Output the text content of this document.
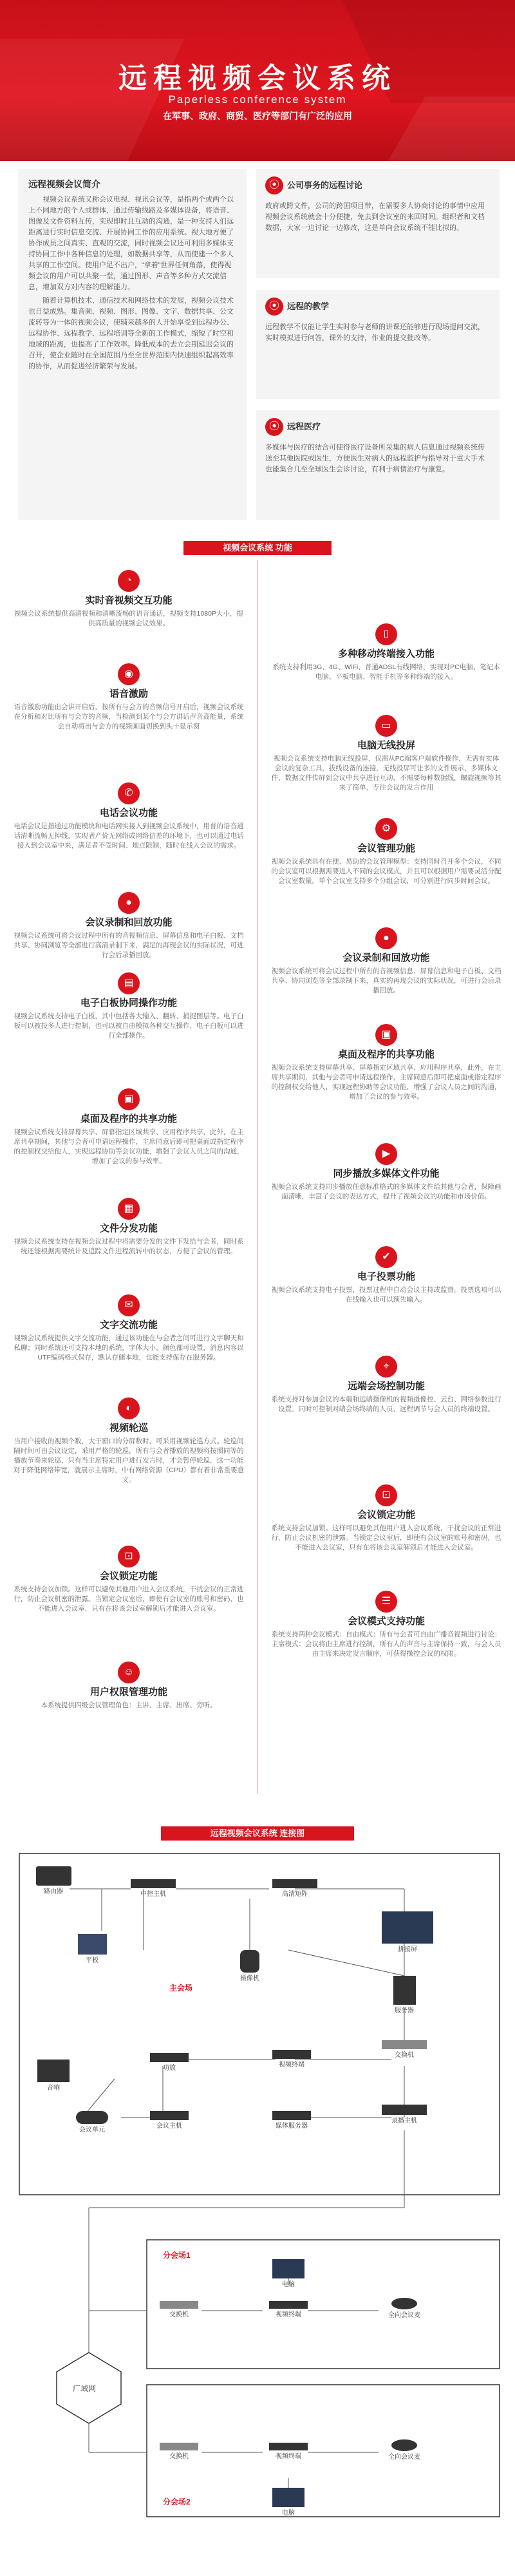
远程视频会议系统
Paperless conference system
在军事、政府、商贸、医疗等部门有广泛的应用
远程视频会议简介

视频会议系统又称会议电视、视讯会议等，是指两个或两个以上不同地方的个人或群体，通过传输线路及多媒体设备，将语音、图像及文件资料互传，实现即时且互动的沟通，是一种支持人们远距离进行实时信息交流、开展协同工作的应用系统。视大地方便了协作成员之间真实、直观的交流，同时视频会议还可利用多媒体支持协同工作中各种信息的处理，如数据共享等，从而使建一个多人共享的工作空间。使用户足不出户，“拿着”世界任何角落，使得视频会议的用户可以共聚一堂，通过图形、声音等多种方式交流信息，增加双方对内容的理解能力。

随着计算机技术、通信技术和网络技术的发展，视频会议技术也日益成熟。集音频、视频、图形、图像、文字、数据共享、公文流转等为一体的视频会议，使辅来越多的人开始享受到远程办公、远程协作、远程教学、远程培训等全新的工作模式，缩短了时空和地域的距离，也提高了工作效率。降低成本的去立会期延迟会议的召开，使企业随时在全国范围乃至全世界范围内快速组织起高效率的协作，从而促进经济繁荣与发展。

⦿ 公司事务的远程讨论

政府或跨文件，公司的跨国项目带，在需要多人协商讨论的事情中应用视频会议系统就会十分便捷，免去到会议室的来回时间。组织者和文档数据，大家一边讨论一边修改，这是单向会议系统不能比拟的。

⦿ 远程的教学

远程教学不仅能让学生实时参与老师的讲课还能够进行现场提问交流，实时模拟进行问答，课外的支持，作业的提交批改等。

⦿ 远程医疗

多媒体与医疗的结合可使得医疗设备所采集的病人信息通过视频系统传送至其他医院或医生，方便医生对病人的远程监护与指导对于重大手术也能集合几至全球医生会诊讨论，有利于病情治疗与康复。

视频会议系统 功能
◔
实时音视频交互功能

视频会议系统提供高清视频和清晰流畅的语音通话，视频支持1080P大小，提供高质量的视频会议效果。

▯
多种移动终端接入功能

系统支持利用3G、4G、WiFi、普通ADSL有线网络，实现对PC电脑、笔记本电脑、平板电脑、智能手机等多种终端的接入。

◉
语音激励

语音激励功能由会讲开启后，按所有与会方的音频信号开启后，视频会议系统在分析和对比所有与会方的音频，当检测到某个与会方讲话声音高能量，系统会自动将出与会方的视频画面切换到头十显示窗	▭
电脑无线投屏

视频会议系统支持电脑无线投屏，仅需从PC端客户端软件操作，无需有实体会议的复杂工具，拔线设备的连接，无线投屏可让多的文件展示、多媒体文件、数据文件传屏到会议中共享进行互动，不需要每种数据线，螺旋视频等其来了简单，专往会议的发言作用

✆
电话会议功能

电话会议是指通过功能模块和电话网实接入到视频会议系统中，用普的语音通话清晰流畅无掉线，实现者产价无网络或网络信差的环境下，也可以通过电话接入到会议室中来，满足者不受时间、地点限制，随时在线入会议的需求。

⚙
会议管理功能

视频会议系统具有在便、易助的会议管理模型：支持同时召开多个会议，不同的会议室可以根据需要进入不同的会议模式，并且可以根据用户需要灵活分配会议室数量。单个会议室支持多个分组会议，可分别进行同步时间会议。

●
会议录制和回放功能

视频会议系统可将会议过程中所有的音视频信息、屏幕信息和电子白板、文档共享、协同浏览等全部进行高清录制下来，满足的再现会议的实际状况，可进行会后录播回放。

●
会议录制和回放功能

视频会议系统可将会议过程中所有的音视频信息、屏幕信息和电子白板、文档共享、协同浏览等全部录制下来，真实的再现会议的实际状况，可进行会后录播回放。

▤
电子白板协同操作功能

视频会议系统支持电子白板，其中包括各大输入、翻转、捕捉图层等。电子白板可以被投多人进行控制，也可以被自由模拟各种交互操作，电子白板可以进行全部操作。	▣
桌面及程序的共享功能

视频会议系统支持屏幕共享、屏幕指定区域共享、应用程序共享，此外，在主席共享期间，其他与会者可申请远程操作，主席同意后即可把桌面或指定程序的控制权交给他人，实现远程协助等会议功能，增强了会议人员之间的沟通，增加了会议的参与效率。

▣
桌面及程序的共享功能

视频会议系统支持屏幕共享、屏幕指定区域共享、应用程序共享，此外，在主席共享期间，其他与会者可申请远程操作，主席同意后即可把桌面或指定程序的控制权交给他人，实现远程协助等会议功能，增强了会议人员之间的沟通，增加了会议的参与效率。

▶
同步播放多媒体文件功能

视频会议系统支持同步播放任意标准格式的多媒体文件给其他与会者，保障画面清晰，丰富了会议的表达方式，提升了视频会议的功能和市场价值。

▦
文件分发功能

视频会议系统支持在视频会议过程中将需要分发的文件下发给与会者，同时系统还能根据需要统计及追踪文件进程流转中的状态，方便了会议的管理。	✔
电子投票功能

视频会议系统支持电子投票，投票过程中自动会议主持或监督。投票选项可以在线输入也可以预先输入。

✉
文字交流功能

视频会议系统提供文字交流功能，通过该功能在与会者之间可进行文字聊天和私聊；同时系统还可支持本地的系统，字体大小、颜色都可设置，消息内容以UTF编码格式保存，默认存储本地，也能支持保存在服务器。

⌖
远端会场控制功能

系统支持对参加会议的本端和远端摄像机的视频摄像控、云台、网络参数进行设置。同时可控制对端会场终端的人员、远程调节与会人员的终端设置。

◐
视频轮巡

当用户接收的视频个数，大于窗口的分屏数时，可采用视频轮巡方式。轮巡间隔时间可由会议设定，采用严格的轮巡，所有与会者播放的视频将按照同等的播放节奏来轮巡，只有当主席特定用户进行发言时，才会暂停轮巡，这一功能对于降低网络带宽，就展示主席时，中有网络资源（CPU）都有着非常重要意义。

⊡
会议锁定功能

系统支持会议加锁。这样可以避免其他用户进入会议系统，干扰会议的正常进行，防止会议机密的泄露。当锁定会议室后，即使有会议室的账号和密码，也不能进入会议室，只有在将该会议室解锁后才能进入会议室。

⊡
会议锁定功能

系统支持会议加锁。这样可以避免其他用户进入会议系统，干扰会议的正常进行，防止会议机密的泄露。当锁定会议室后，即使有会议室的账号和密码，也不能进入会议室，只有在将该会议室解锁后才能进入会议室。

☰
会议模式支持功能

系统支持两种会议模式：自由模式：所有与会者可自由广播音视频进行讨论；主席模式：会议将由主席进行控制，所有人的声音与主席保持一致，与会人员由主席来决定发言顺序，可获得操控会议的权限。

☺
用户权限管理功能

本系统提供四级会议管理角色：主讲、主席、出席、旁听。

远程视频会议系统 连接图
主会场
分会场1
分会场2
广域网
路由器	中控主机	高清矩阵
拼接屏
平板
摄像机
服务器
交换机
音响
功放	视频终端
会议单元
会议主机	媒体服务器
录播主机
电脑
交换机	视频终端	全向会议麦
交换机	视频终端	全向会议麦
电脑
